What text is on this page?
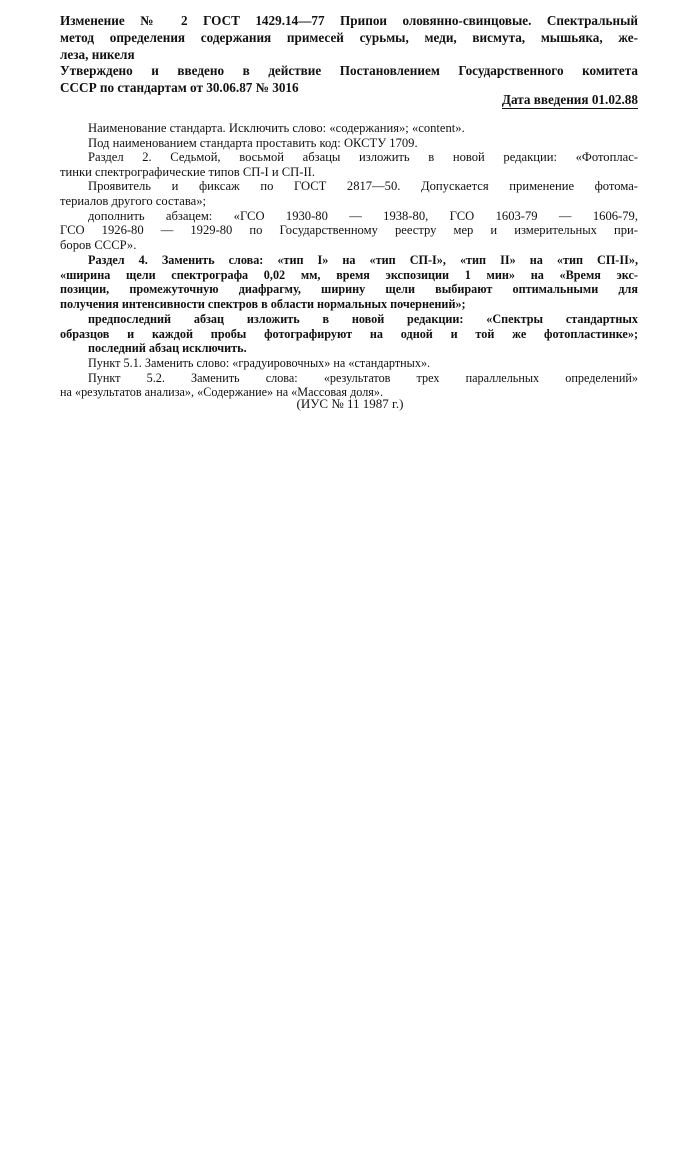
Изменение № 2 ГОСТ 1429.14—77 Припои оловянно-свинцовые. Спектральный
метод определения содержания примесей сурьмы, меди, висмута, мышьяка, же-
леза, никеля
Утверждено и введено в действие Постановлением Государственного комитета
СССР по стандартам от 30.06.87 № 3016
Дата введения 01.02.88
Наименование стандарта. Исключить слово: «содержания»; «content».
Под наименованием стандарта проставить код: ОКСТУ 1709.
Раздел 2. Седьмой, восьмой абзацы изложить в новой редакции: «Фотоплас-
тинки спектрографические типов СП-I и СП-II.
Проявитель и фиксаж по ГОСТ 2817—50. Допускается применение фотома-
териалов другого состава»;
дополнить абзацем: «ГСО 1930-80 — 1938-80, ГСО 1603-79 — 1606-79,
ГСО 1926-80 — 1929-80 по Государственному реестру мер и измерительных при-
боров СССР».
Раздел 4. Заменить слова: «тип I» на «тип СП-I», «тип II» на «тип СП-II»,
«ширина щели спектрографа 0,02 мм, время экспозиции 1 мин» на «Время экс-
позиции, промежуточную диафрагму, ширину щели выбирают оптимальными для
получения интенсивности спектров в области нормальных почернений»;
предпоследний абзац изложить в новой редакции: «Спектры стандартных
образцов и каждой пробы фотографируют на одной и той же фотопластинке»;
последний абзац исключить.
Пункт 5.1. Заменить слово: «градуировочных» на «стандартных».
Пункт 5.2. Заменить слова: «результатов трех параллельных определений»
на «результатов анализа», «Содержание» на «Массовая доля».
(ИУС № 11 1987 г.)
